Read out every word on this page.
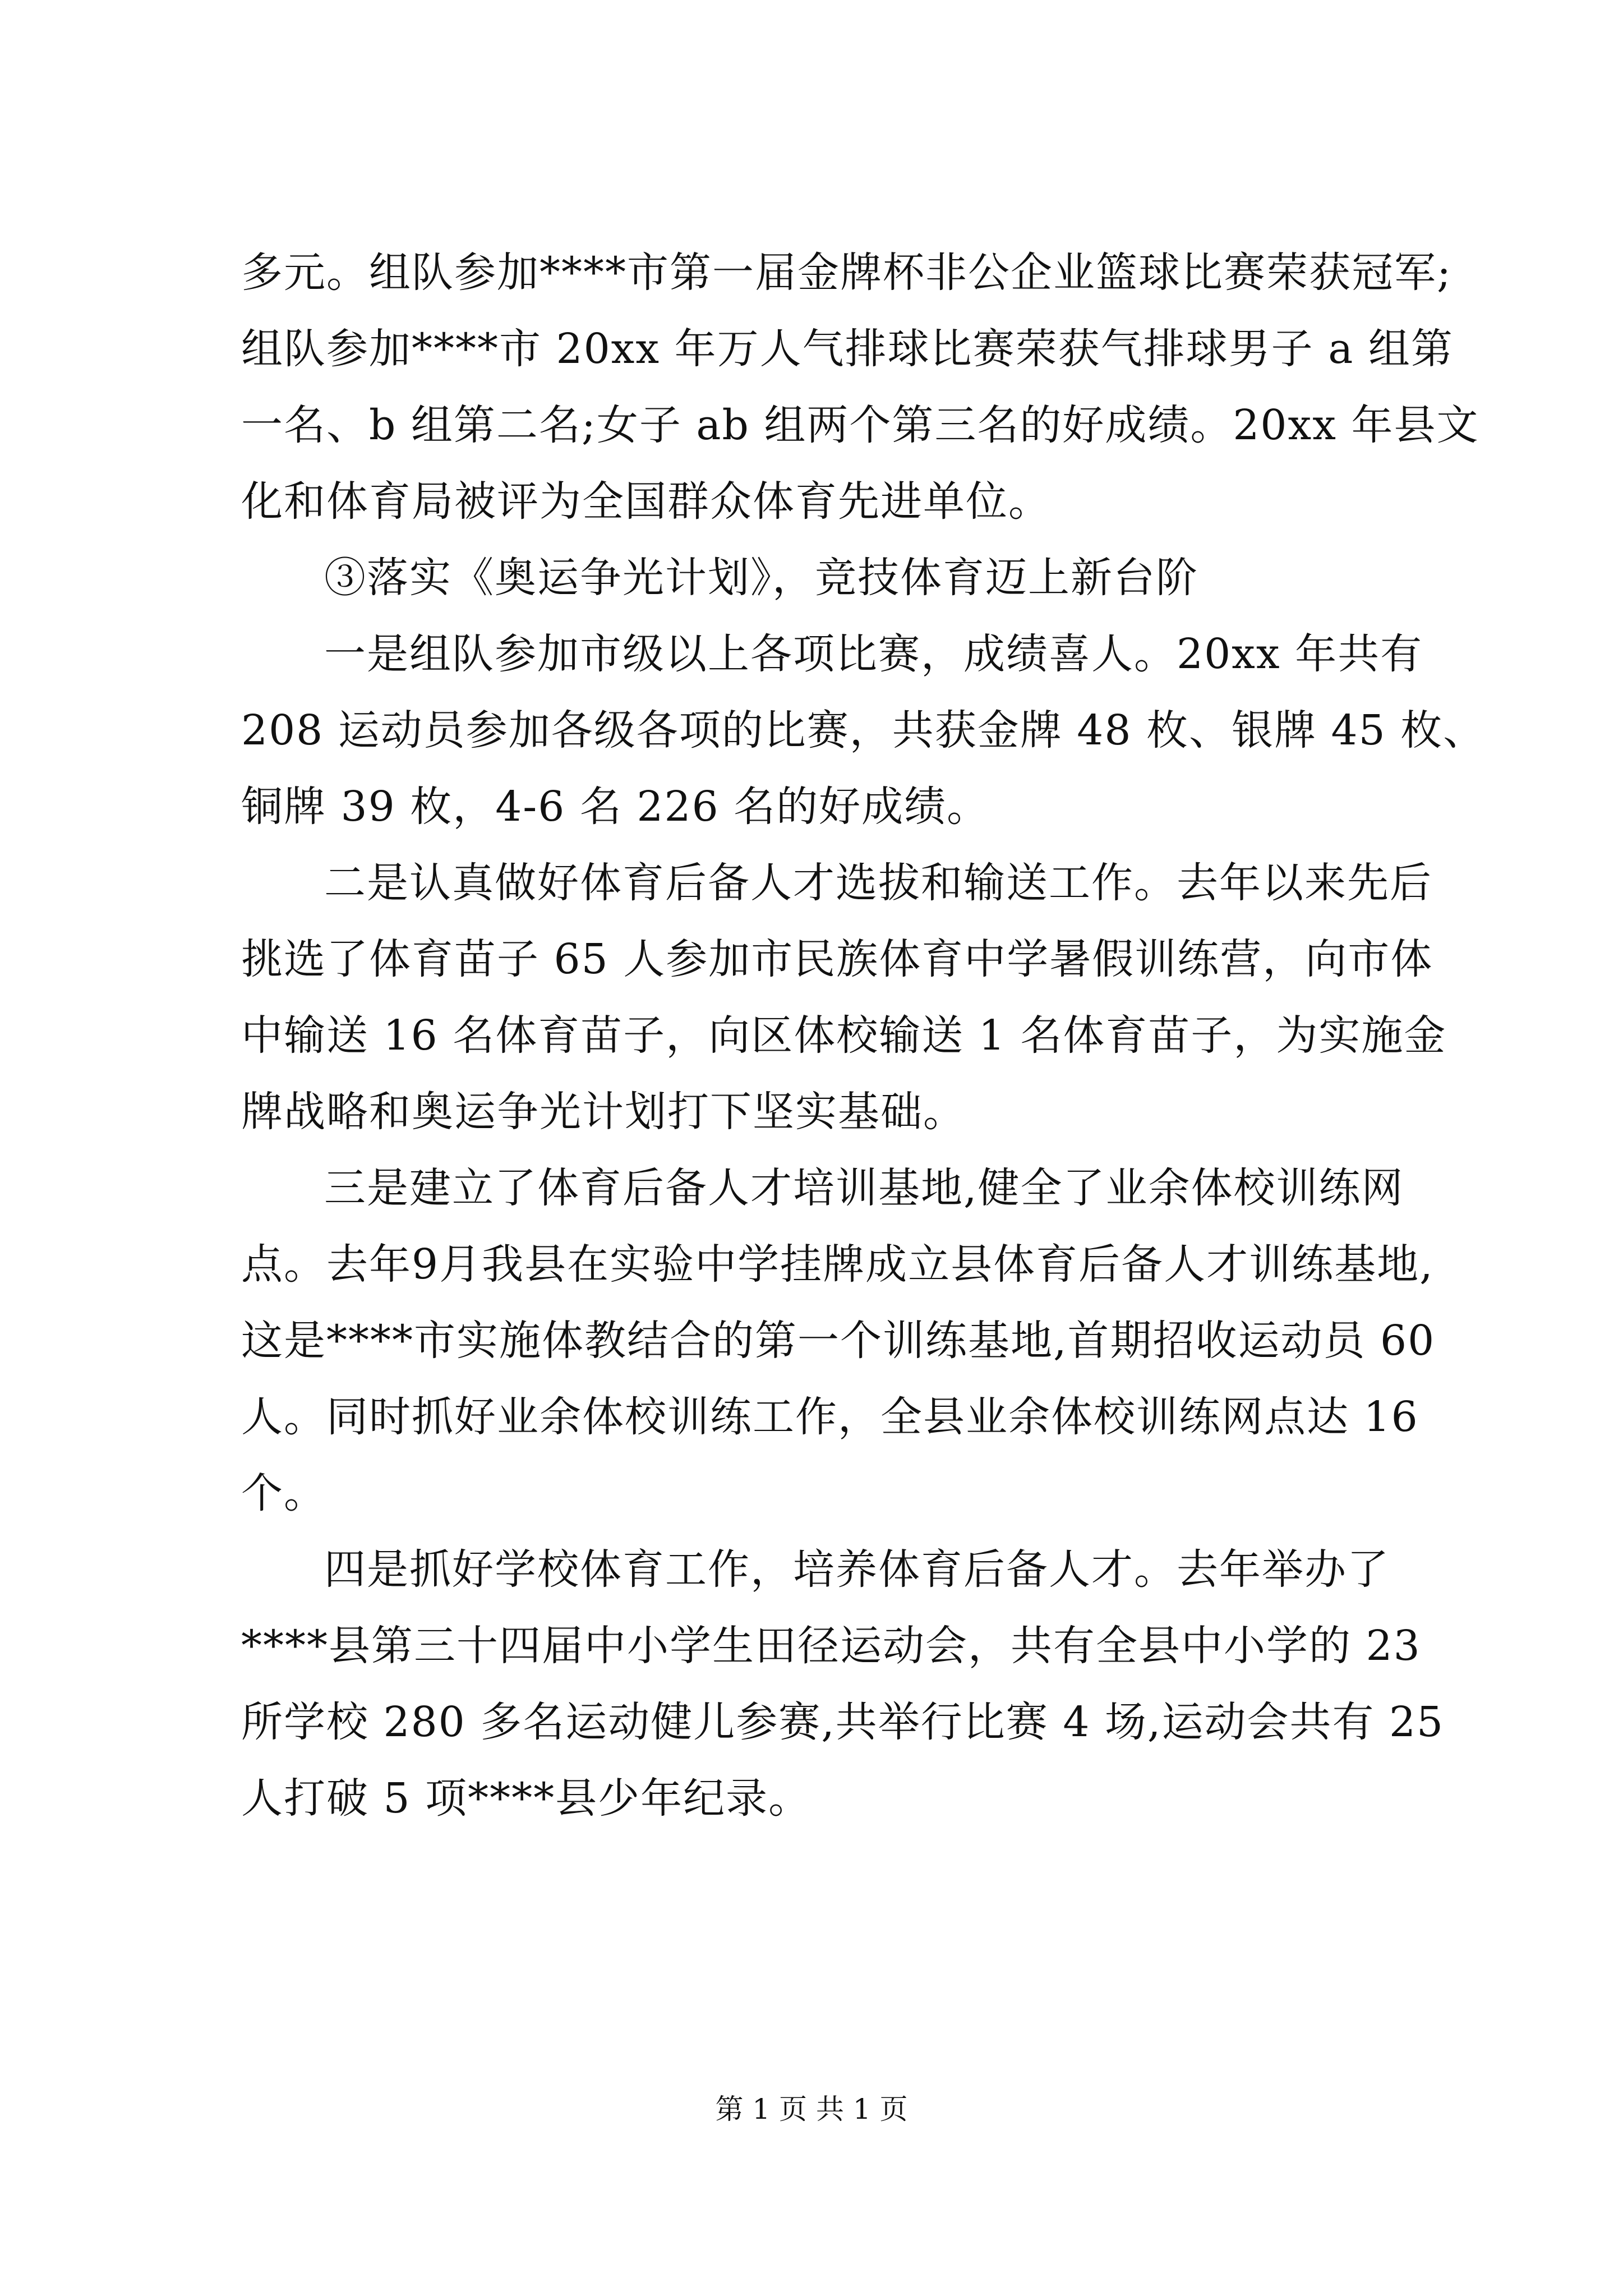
多元。组队参加****市第一届金牌杯非公企业篮球比赛荣获冠军;
组队参加****市 20xx 年万人气排球比赛荣获气排球男子 a 组第
一名、b 组第二名;女子 ab 组两个第三名的好成绩。20xx 年县文
化和体育局被评为全国群众体育先进单位。
③落实《奥运争光计划》，竞技体育迈上新台阶
一是组队参加市级以上各项比赛，成绩喜人。20xx 年共有
208 运动员参加各级各项的比赛，共获金牌 48 枚、银牌 45 枚、
铜牌 39 枚，4-6 名 226 名的好成绩。
二是认真做好体育后备人才选拔和输送工作。去年以来先后
挑选了体育苗子 65 人参加市民族体育中学暑假训练营，向市体
中输送 16 名体育苗子，向区体校输送 1 名体育苗子，为实施金
牌战略和奥运争光计划打下坚实基础。
三是建立了体育后备人才培训基地,健全了业余体校训练网
点。去年9月我县在实验中学挂牌成立县体育后备人才训练基地,
这是****市实施体教结合的第一个训练基地,首期招收运动员 60
人。同时抓好业余体校训练工作，全县业余体校训练网点达 16
个。
四是抓好学校体育工作，培养体育后备人才。去年举办了
****县第三十四届中小学生田径运动会，共有全县中小学的 23
所学校 280 多名运动健儿参赛,共举行比赛 4 场,运动会共有 25
人打破 5 项****县少年纪录。
第 1 页 共 1 页
